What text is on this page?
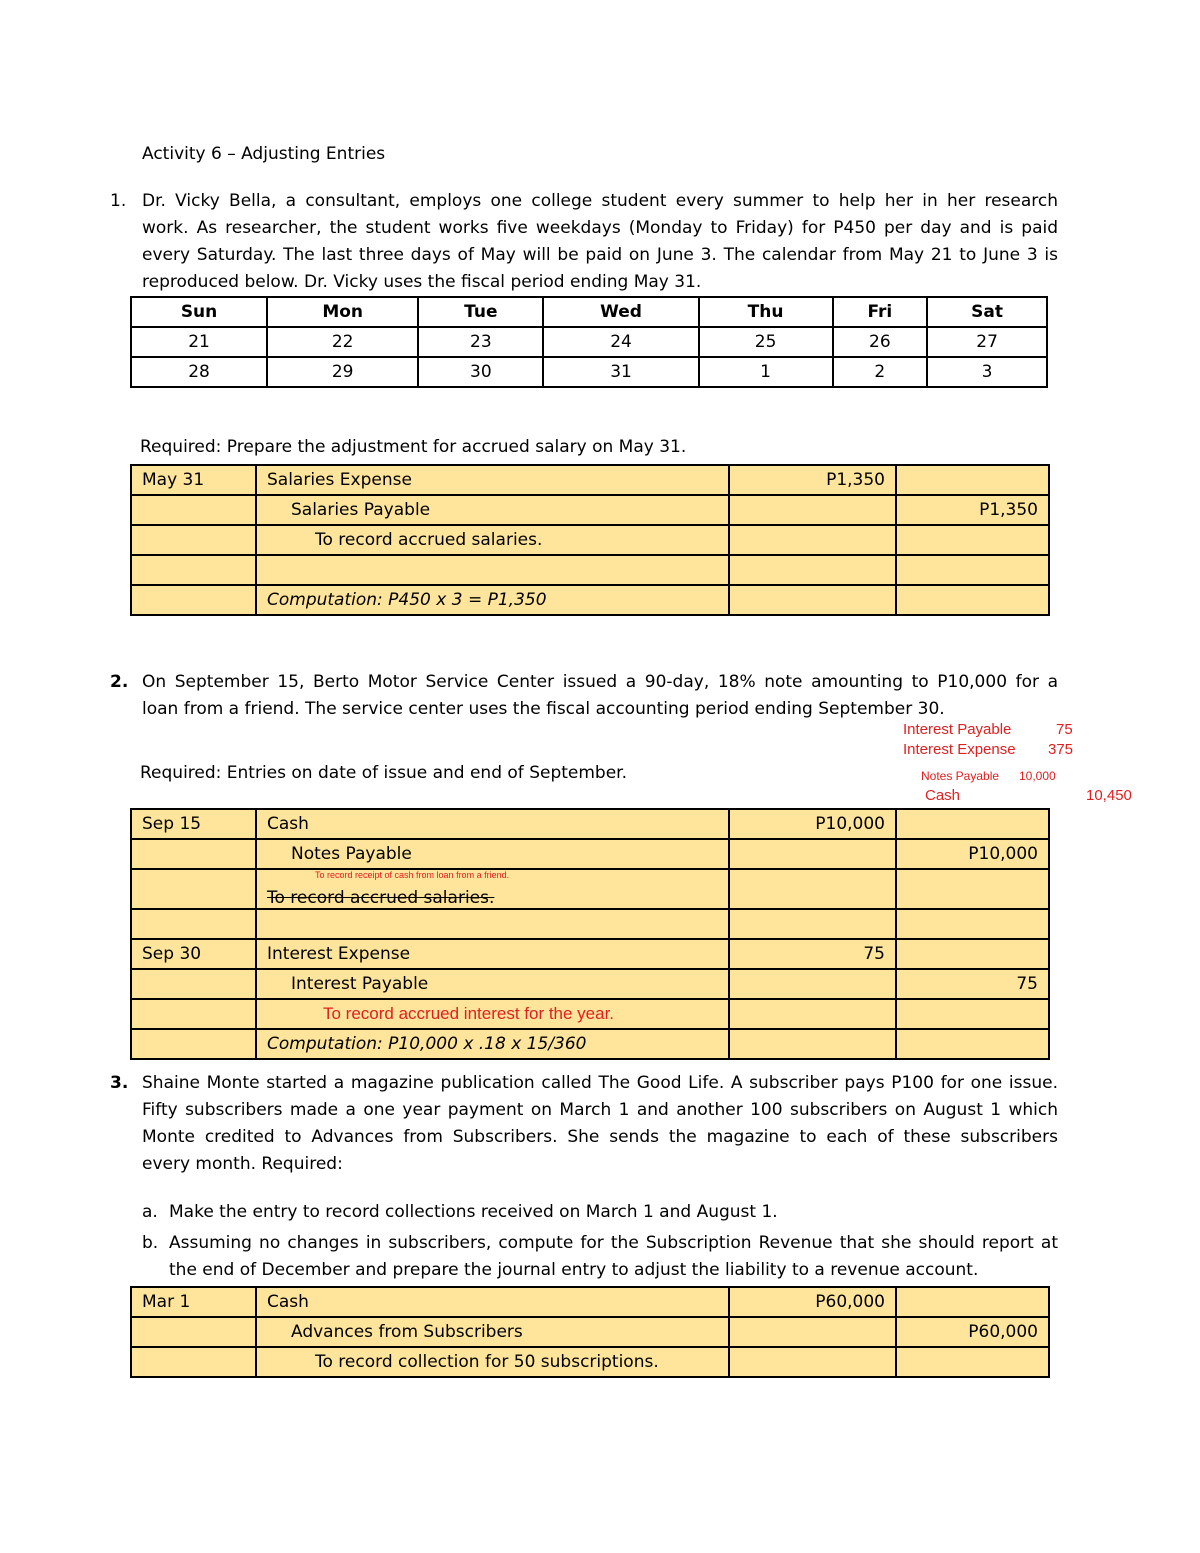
Activity 6 – Adjusting Entries
1. Dr. Vicky Bella, a consultant, employs one college student every summer to help her in her research
work. As researcher, the student works five weekdays (Monday to Friday) for P450 per day and is paid
every Saturday. The last three days of May will be paid on June 3. The calendar from May 21 to June 3 is
reproduced below. Dr. Vicky uses the fiscal period ending May 31.
Sun	Mon	Tue	Wed	Thu	Fri	Sat
21	22	23	24	25	26	27
28	29	30	31	1	2	3
Required: Prepare the adjustment for accrued salary on May 31.
May 31	Salaries Expense	P1,350	
	Salaries Payable		P1,350
	To record accrued salaries.		

	Computation: P450 x 3 = P1,350		
2. On September 15, Berto Motor Service Center issued a 90-day, 18% note amounting to P10,000 for a
loan from a friend. The service center uses the fiscal accounting period ending September 30.
Interest Payable	75
Interest Expense 375
Notes Payable 10,000
Cash	10,450
Required: Entries on date of issue and end of September.
Sep 15	Cash	P10,000	
	Notes Payable		P10,000

	To record receipt of cash from loan from a friend.
To record accrued salaries.		

Sep 30	Interest Expense	75	
	Interest Payable		75
	To record accrued interest for the year.		
	Computation: P10,000 x .18 x 15/360		
3. Shaine Monte started a magazine publication called The Good Life. A subscriber pays P100 for one issue.
Fifty subscribers made a one year payment on March 1 and another 100 subscribers on August 1 which
Monte credited to Advances from Subscribers. She sends the magazine to each of these subscribers
every month. Required:
a. Make the entry to record collections received on March 1 and August 1.
b. Assuming no changes in subscribers, compute for the Subscription Revenue that she should report at
the end of December and prepare the journal entry to adjust the liability to a revenue account.
Mar 1	Cash	P60,000	
	Advances from Subscribers		P60,000
	To record collection for 50 subscriptions.		
